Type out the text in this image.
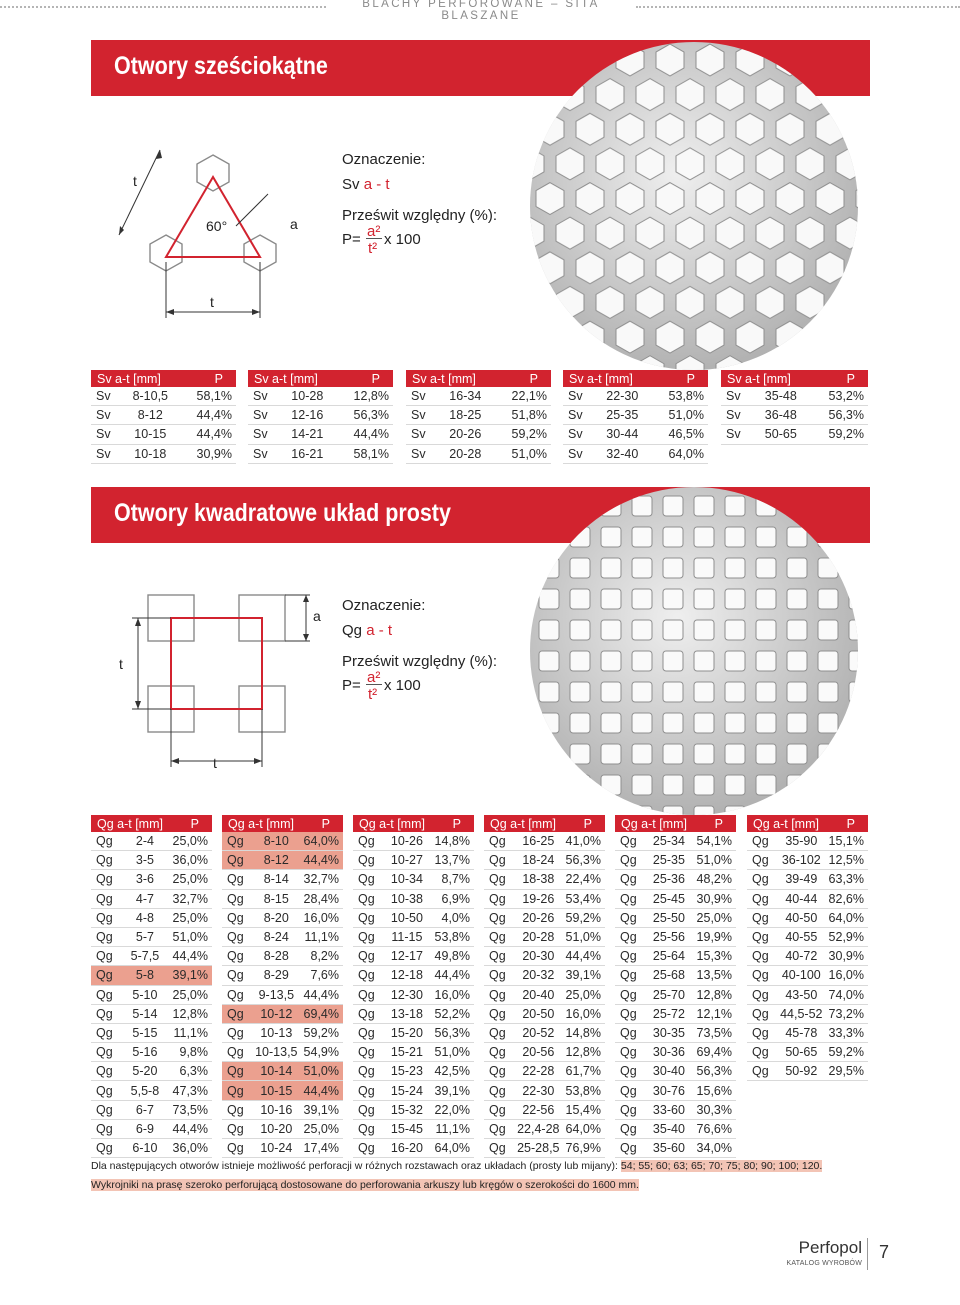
BLACHY PERFOROWANE – SITA BLASZANE
Otwory sześciokątne
t
60°	a
t
Oznaczenie:
Sv a - t
Prześwit względny (%):
P= a²
t²
x 100
Sv a-t [mm]		P
Sv	8-10,5	58,1%
Sv	8-12	44,4%
Sv	10-15	44,4%
Sv	10-18	30,9%
Sv a-t [mm]		P
Sv	10-28	12,8%
Sv	12-16	56,3%
Sv	14-21	44,4%
Sv	16-21	58,1%
Sv a-t [mm]		P
Sv	16-34	22,1%
Sv	18-25	51,8%
Sv	20-26	59,2%
Sv	20-28	51,0%
Sv a-t [mm]		P
Sv	22-30	53,8%
Sv	25-35	51,0%
Sv	30-44	46,5%
Sv	32-40	64,0%
Sv a-t [mm]		P
Sv	35-48	53,2%
Sv	36-48	56,3%
Sv	50-65	59,2%
Otwory kwadratowe układ prosty
t
a
t
Oznaczenie:
Qg a - t
Prześwit względny (%):
P= a²
t²
x 100
Qg a-t [mm]		P
Qg	2-4	25,0%
Qg	3-5	36,0%
Qg	3-6	25,0%
Qg	4-7	32,7%
Qg	4-8	25,0%
Qg	5-7	51,0%
Qg	5-7,5	44,4%
Qg	5-8	39,1%
Qg	5-10	25,0%
Qg	5-14	12,8%
Qg	5-15	11,1%
Qg	5-16	9,8%
Qg	5-20	6,3%
Qg	5,5-8	47,3%
Qg	6-7	73,5%
Qg	6-9	44,4%
Qg	6-10	36,0%
Qg a-t [mm]		P
Qg	8-10	64,0%
Qg	8-12	44,4%
Qg	8-14	32,7%
Qg	8-15	28,4%
Qg	8-20	16,0%
Qg	8-24	11,1%
Qg	8-28	8,2%
Qg	8-29	7,6%
Qg	9-13,5	44,4%
Qg	10-12	69,4%
Qg	10-13	59,2%
Qg	10-13,5	54,9%
Qg	10-14	51,0%
Qg	10-15	44,4%
Qg	10-16	39,1%
Qg	10-20	25,0%
Qg	10-24	17,4%
Qg a-t [mm]		P
Qg	10-26	14,8%
Qg	10-27	13,7%
Qg	10-34	8,7%
Qg	10-38	6,9%
Qg	10-50	4,0%
Qg	11-15	53,8%
Qg	12-17	49,8%
Qg	12-18	44,4%
Qg	12-30	16,0%
Qg	13-18	52,2%
Qg	15-20	56,3%
Qg	15-21	51,0%
Qg	15-23	42,5%
Qg	15-24	39,1%
Qg	15-32	22,0%
Qg	15-45	11,1%
Qg	16-20	64,0%
Qg a-t [mm]		P
Qg	16-25	41,0%
Qg	18-24	56,3%
Qg	18-38	22,4%
Qg	19-26	53,4%
Qg	20-26	59,2%
Qg	20-28	51,0%
Qg	20-30	44,4%
Qg	20-32	39,1%
Qg	20-40	25,0%
Qg	20-50	16,0%
Qg	20-52	14,8%
Qg	20-56	12,8%
Qg	22-28	61,7%
Qg	22-30	53,8%
Qg	22-56	15,4%
Qg	22,4-28	64,0%
Qg	25-28,5	76,9%
Qg a-t [mm]		P
Qg	25-34	54,1%
Qg	25-35	51,0%
Qg	25-36	48,2%
Qg	25-45	30,9%
Qg	25-50	25,0%
Qg	25-56	19,9%
Qg	25-64	15,3%
Qg	25-68	13,5%
Qg	25-70	12,8%
Qg	25-72	12,1%
Qg	30-35	73,5%
Qg	30-36	69,4%
Qg	30-40	56,3%
Qg	30-76	15,6%
Qg	33-60	30,3%
Qg	35-40	76,6%
Qg	35-60	34,0%
Qg a-t [mm]		P
Qg	35-90	15,1%
Qg	36-102	12,5%
Qg	39-49	63,3%
Qg	40-44	82,6%
Qg	40-50	64,0%
Qg	40-55	52,9%
Qg	40-72	30,9%
Qg	40-100	16,0%
Qg	43-50	74,0%
Qg	44,5-52	73,2%
Qg	45-78	33,3%
Qg	50-65	59,2%
Qg	50-92	29,5%
Dla następujących otworów istnieje możliwość perforacji w różnych rozstawach oraz układach (prosty lub mijany): 54; 55; 60; 63; 65; 70; 75; 80; 90; 100; 120.
Wykrojniki na prasę szeroko perforującą dostosowane do perforowania arkuszy lub kręgów o szerokości do 1600 mm.
Perfopol
KATALOG WYROBÓW
7
